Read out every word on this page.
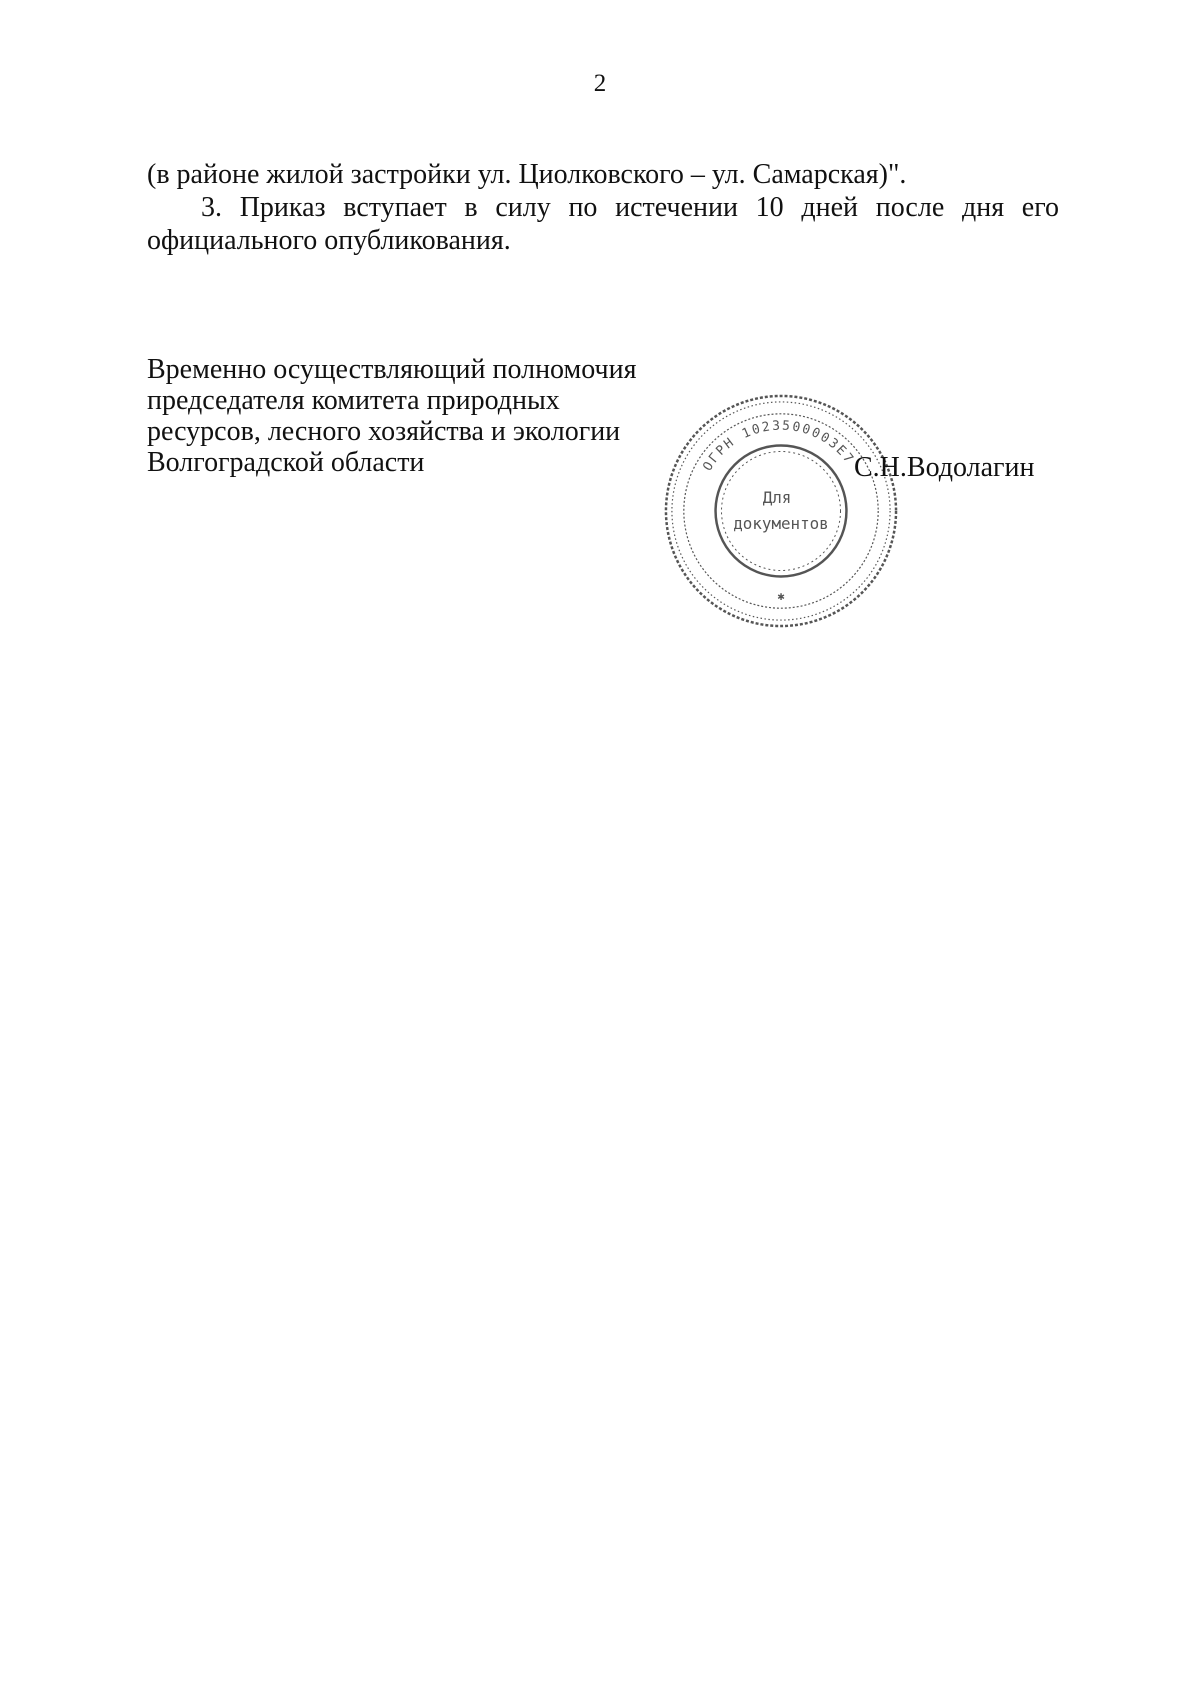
2

(в районе жилой застройки ул. Циолковского – ул. Самарская)".

3. Приказ вступает в силу по истечении 10 дней после дня его официального опубликования.

Временно осуществляющий полномочия
председателя комитета природных
ресурсов, лесного хозяйства и экологии
Волгоградской области	ОГРН 1023500003E7
Для
документов
✱
С.Н.Водолагин
